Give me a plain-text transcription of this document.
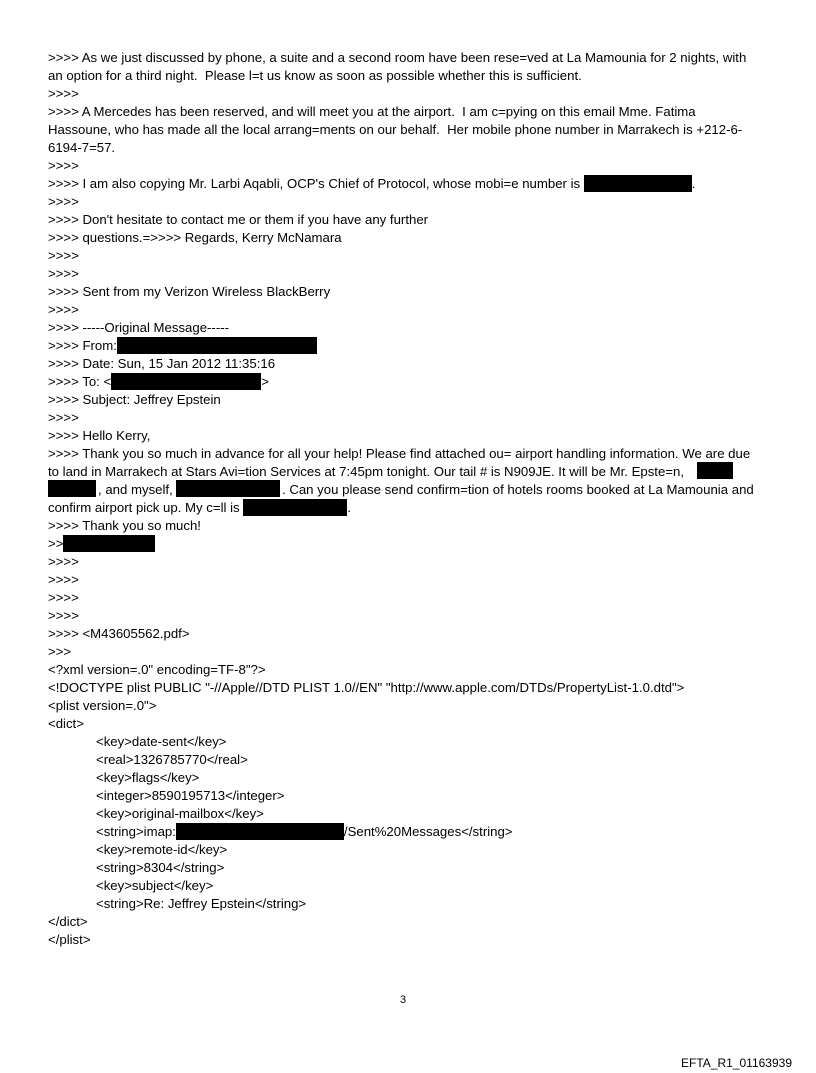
>>>> As we just discussed by phone, a suite and a second room have been rese=ved at La Mamounia for 2 nights, with
an option for a third night.  Please l=t us know as soon as possible whether this is sufficient.
>>>>
>>>> A Mercedes has been reserved, and will meet you at the airport.  I am c=pying on this email Mme. Fatima
Hassoune, who has made all the local arrang=ments on our behalf.  Her mobile phone number in Marrakech is +212-6-
6194-7=57.
>>>>
>>>> I am also copying Mr. Larbi Aqabli, OCP's Chief of Protocol, whose mobi=e number is	.
>>>>
>>>> Don't hesitate to contact me or them if you have any further
>>>> questions.=>>>> Regards, Kerry McNamara
>>>>
>>>>
>>>> Sent from my Verizon Wireless BlackBerry
>>>>
>>>> -----Original Message-----
>>>> From:
>>>> Date: Sun, 15 Jan 2012 11:35:16
>>>> To: <	>
>>>> Subject: Jeffrey Epstein
>>>>
>>>> Hello Kerry,
>>>> Thank you so much in advance for all your help! Please find attached ou= airport handling information. We are due
to land in Marrakech at Stars Avi=tion Services at 7:45pm tonight. Our tail # is N909JE. It will be Mr. Epste=n,
, and myself,	. Can you please send confirm=tion of hotels rooms booked at La Mamounia and
confirm airport pick up. My c=ll is	.
>>>> Thank you so much!
>>
>>>>
>>>>
>>>>
>>>>
>>>> <M43605562.pdf>
>>>
<?xml version=.0" encoding=TF-8"?>
<!DOCTYPE plist PUBLIC "-//Apple//DTD PLIST 1.0//EN" "http://www.apple.com/DTDs/PropertyList-1.0.dtd">
<plist version=.0">
<dict>
<key>date-sent</key>
<real>1326785770</real>
<key>flags</key>
<integer>8590195713</integer>
<key>original-mailbox</key>
<string>imap:	/Sent%20Messages</string>
<key>remote-id</key>
<string>8304</string>
<key>subject</key>
<string>Re: Jeffrey Epstein</string>
</dict>
</plist>
3
EFTA_R1_01163939
